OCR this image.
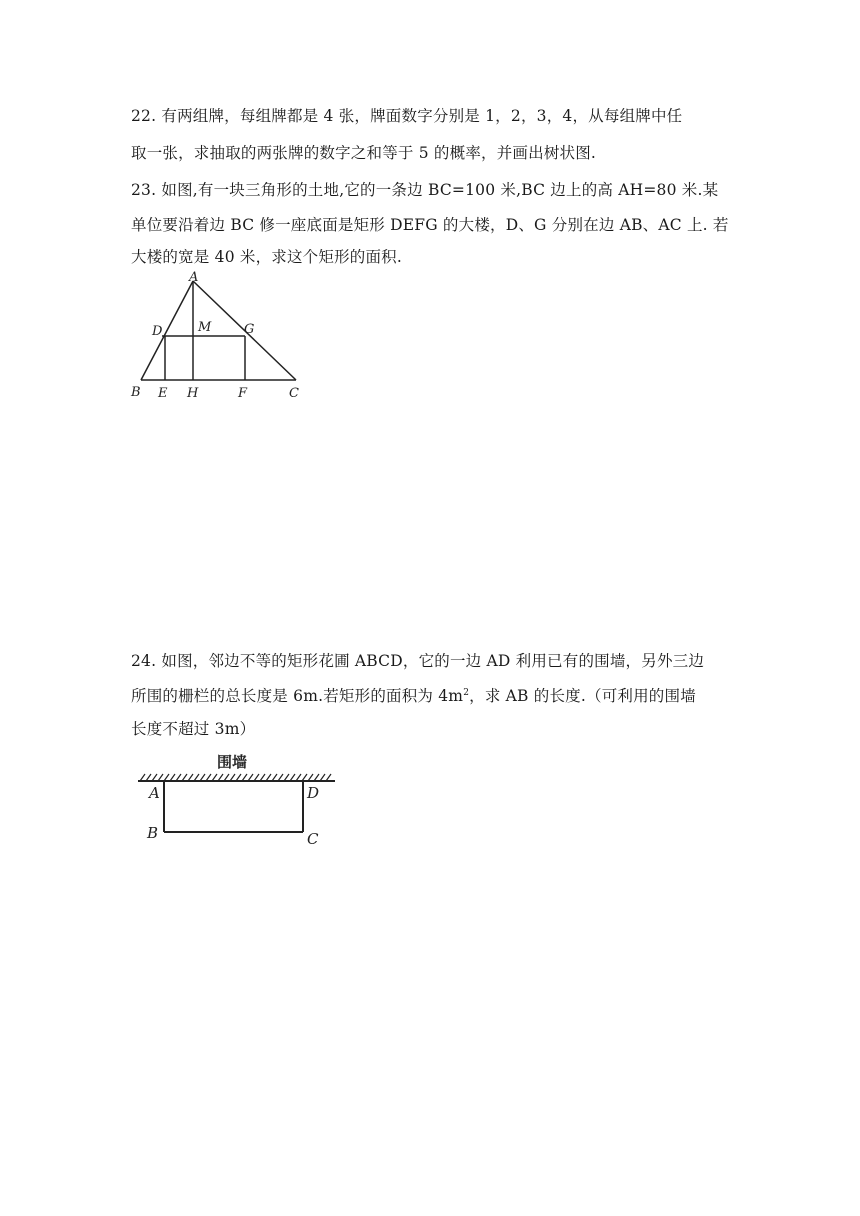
22. 有两组牌，每组牌都是 4 张，牌面数字分别是 1，2，3，4，从每组牌中任
取一张，求抽取的两张牌的数字之和等于 5 的概率，并画出树状图.
23. 如图,有一块三角形的土地,它的一条边 BC=100 米,BC 边上的高 AH=80 米.某
单位要沿着边 BC 修一座底面是矩形 DEFG 的大楼，D、G 分别在边 AB、AC 上. 若
大楼的宽是 40 米，求这个矩形的面积.
A
D	M	G
B E H	F	C
24. 如图，邻边不等的矩形花圃 ABCD，它的一边 AD 利用已有的围墙，另外三边
所围的栅栏的总长度是 6m.若矩形的面积为 $4m^2$，求 AB 的长度.（可利用的围墙
长度不超过 3m）
围墙
A	D
B	C
